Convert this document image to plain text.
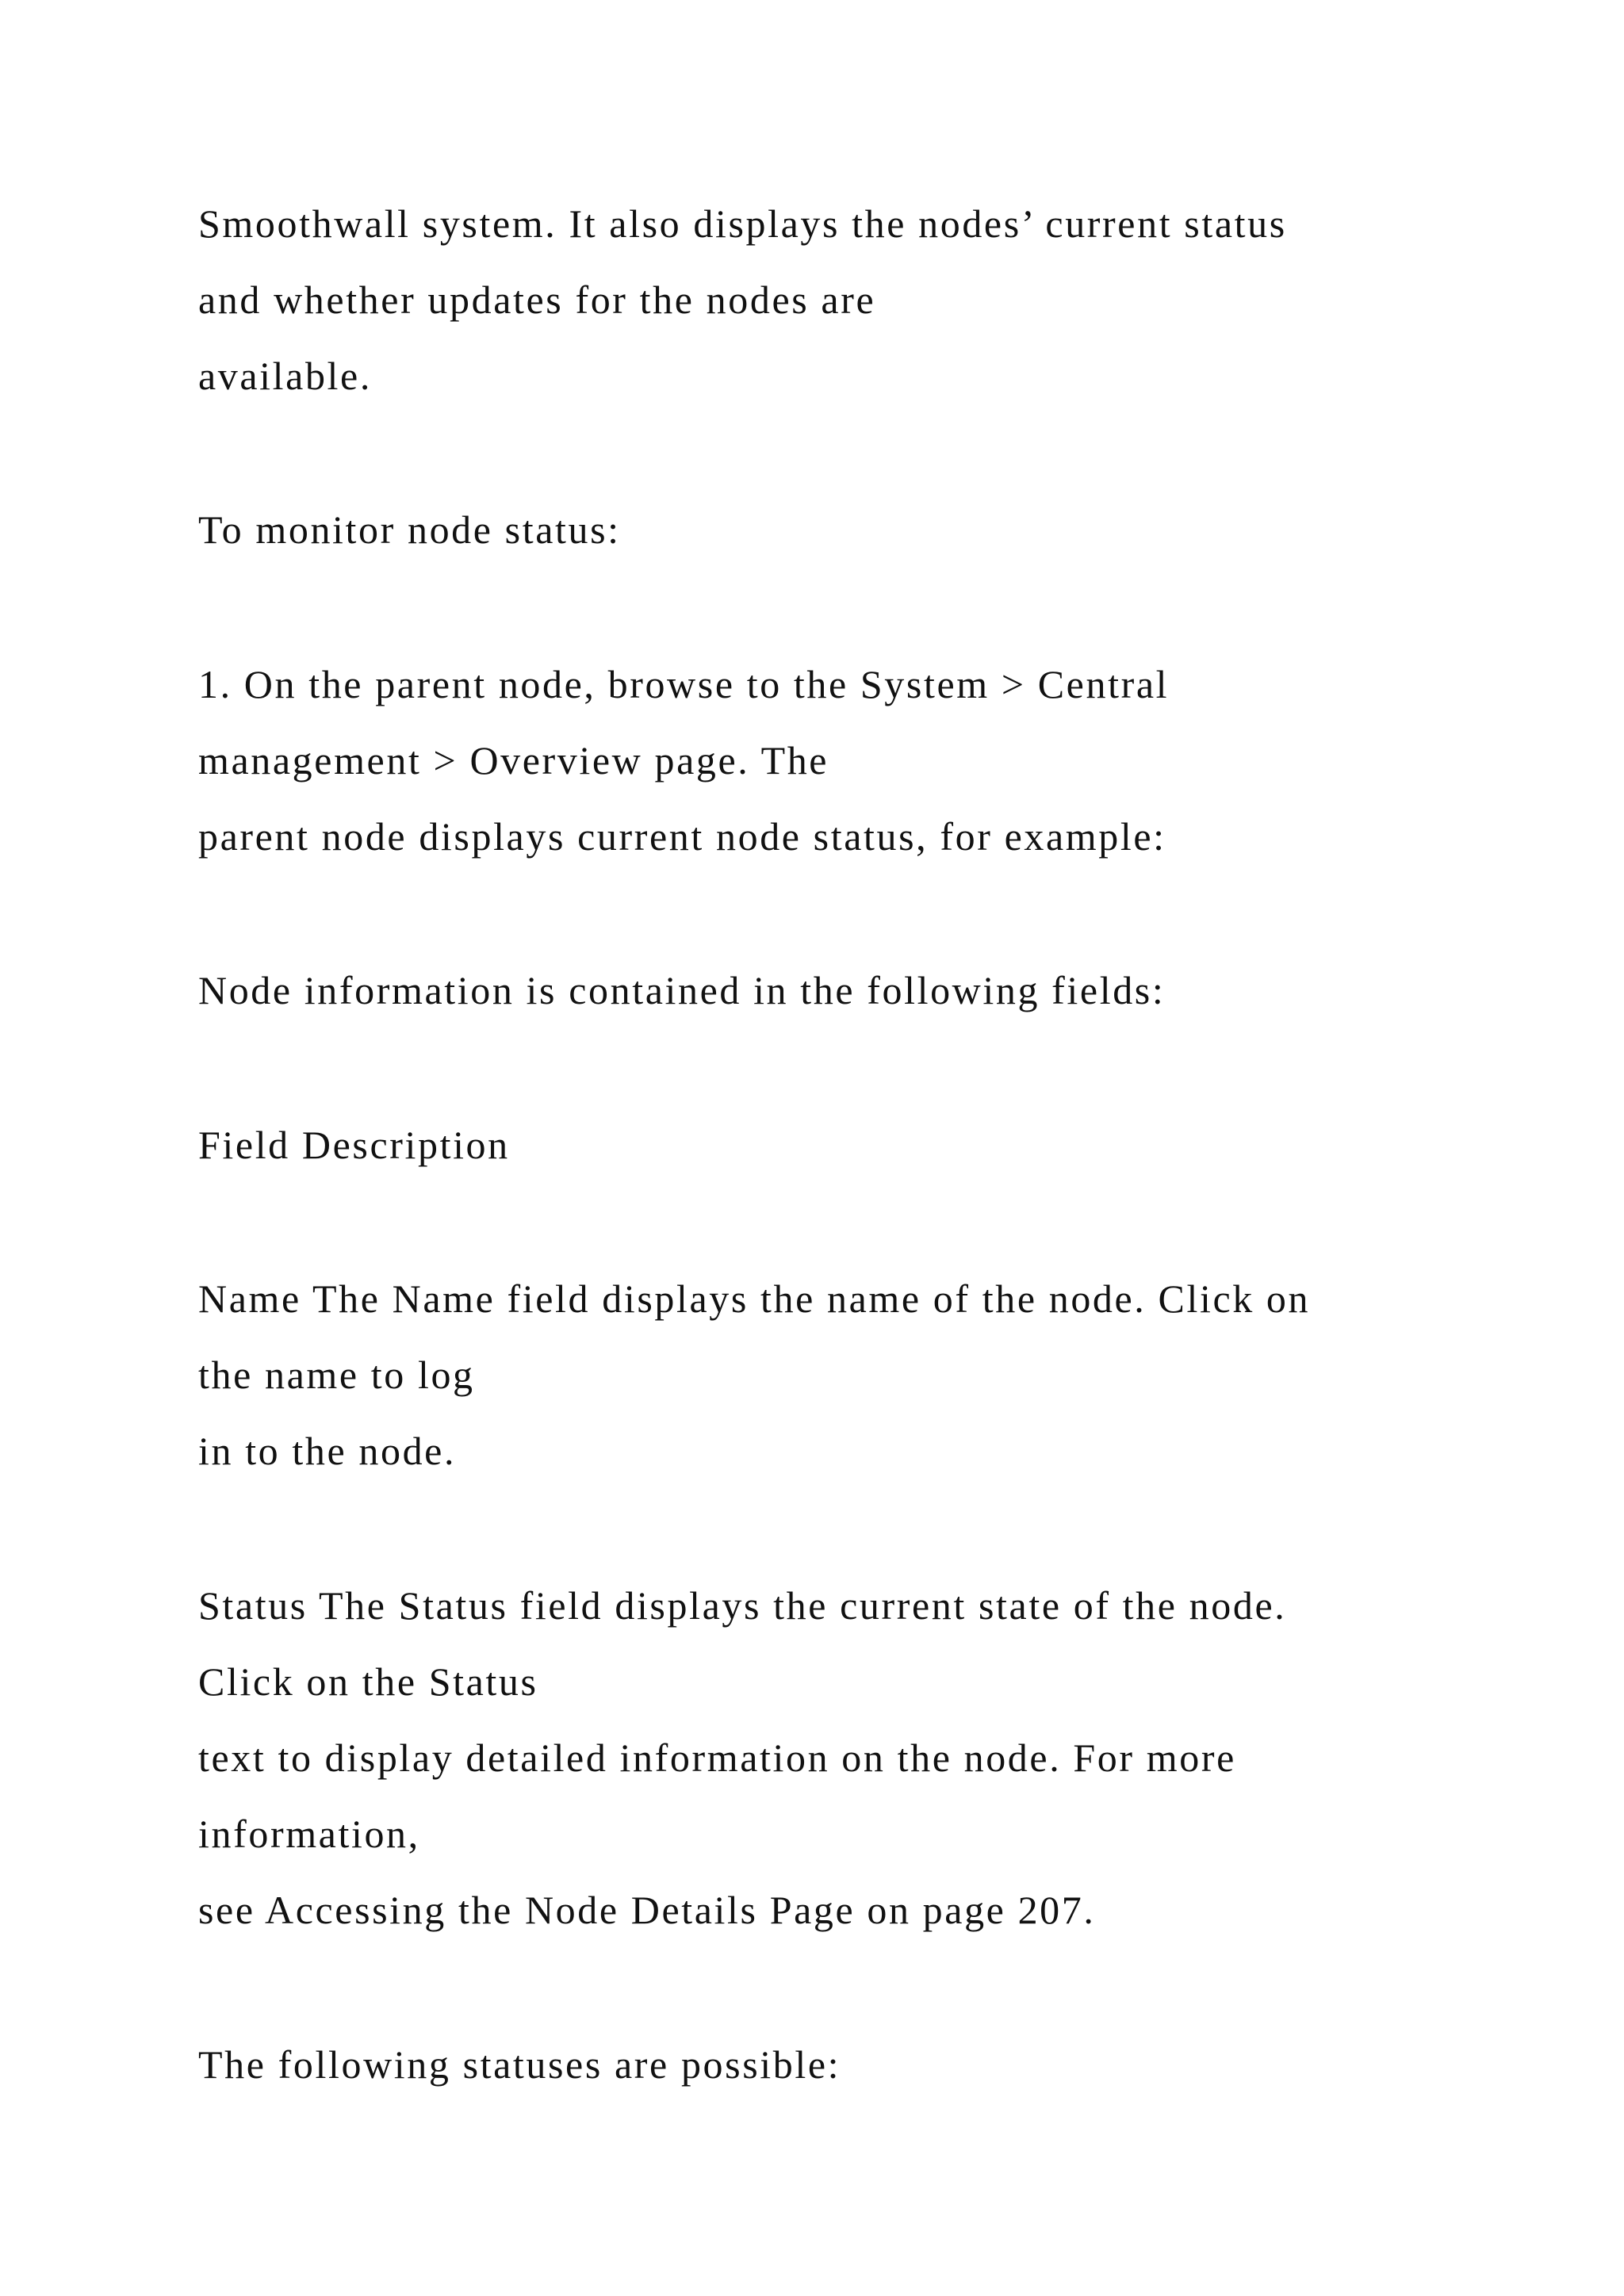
Smoothwall system. It also displays the nodes’ current status

and whether updates for the nodes are

available.

To monitor node status:

1. On the parent node, browse to the System > Central

management > Overview page. The

parent node displays current node status, for example:

Node information is contained in the following fields:

Field Description

Name The Name field displays the name of the node. Click on

the name to log

in to the node.

Status The Status field displays the current state of the node.

Click on the Status

text to display detailed information on the node. For more

information,

see Accessing the Node Details Page on page 207.

The following statuses are possible:
